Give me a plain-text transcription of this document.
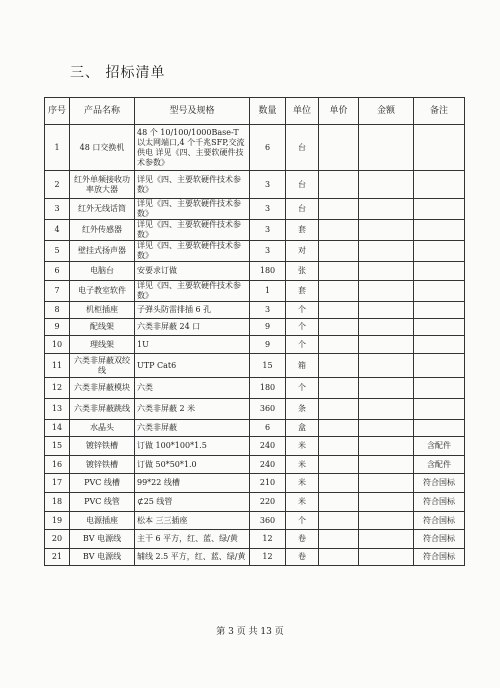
三、 招标清单
序号	产品名称	型号及规格	数量	单位	单价	金额	备注
1	48 口交换机	48 个 10/100/1000Base-T 以太网端口,4 个千兆SFP,交流供电 详见《四、主要软硬件技术参数》	6	台			
2	红外单频接收功率放大器	详见《四、主要软硬件技术参数》	3	台			
3	红外无线话筒	详见《四、主要软硬件技术参数》	3	台			
4	红外传感器	详见《四、主要软硬件技术参数》	3	套			
5	壁挂式扬声器	详见《四、主要软硬件技术参数》	3	对			
6	电脑台	安要求订做	180	张			
7	电子教室软件	详见《四、主要软硬件技术参数》	1	套			
8	机柜插座	子弹头防雷排插 6 孔	3	个			
9	配线架	六类非屏蔽 24 口	9	个			
10	理线架	1U	9	个			
11	六类非屏蔽双绞线	UTP Cat6	15	箱			
12	六类非屏蔽模块	六类	180	个			
13	六类非屏蔽跳线	六类非屏蔽 2 米	360	条			
14	水晶头	六类非屏蔽	6	盒			
15	镀锌铁槽	订做 100*100*1.5	240	米			含配件
16	镀锌铁槽	订做 50*50*1.0	240	米			含配件
17	PVC 线槽	99*22 线槽	210	米			符合国标
18	PVC 线管	⊄25 线管	220	米			符合国标
19	电源插座	松本 三三插座	360	个			符合国标
20	BV 电源线	主干 6 平方，红、蓝、绿/黄	12	卷			符合国标
21	BV 电源线	辅线 2.5 平方，红、蓝、绿/黄	12	卷			符合国标
第 3 页 共 13 页
